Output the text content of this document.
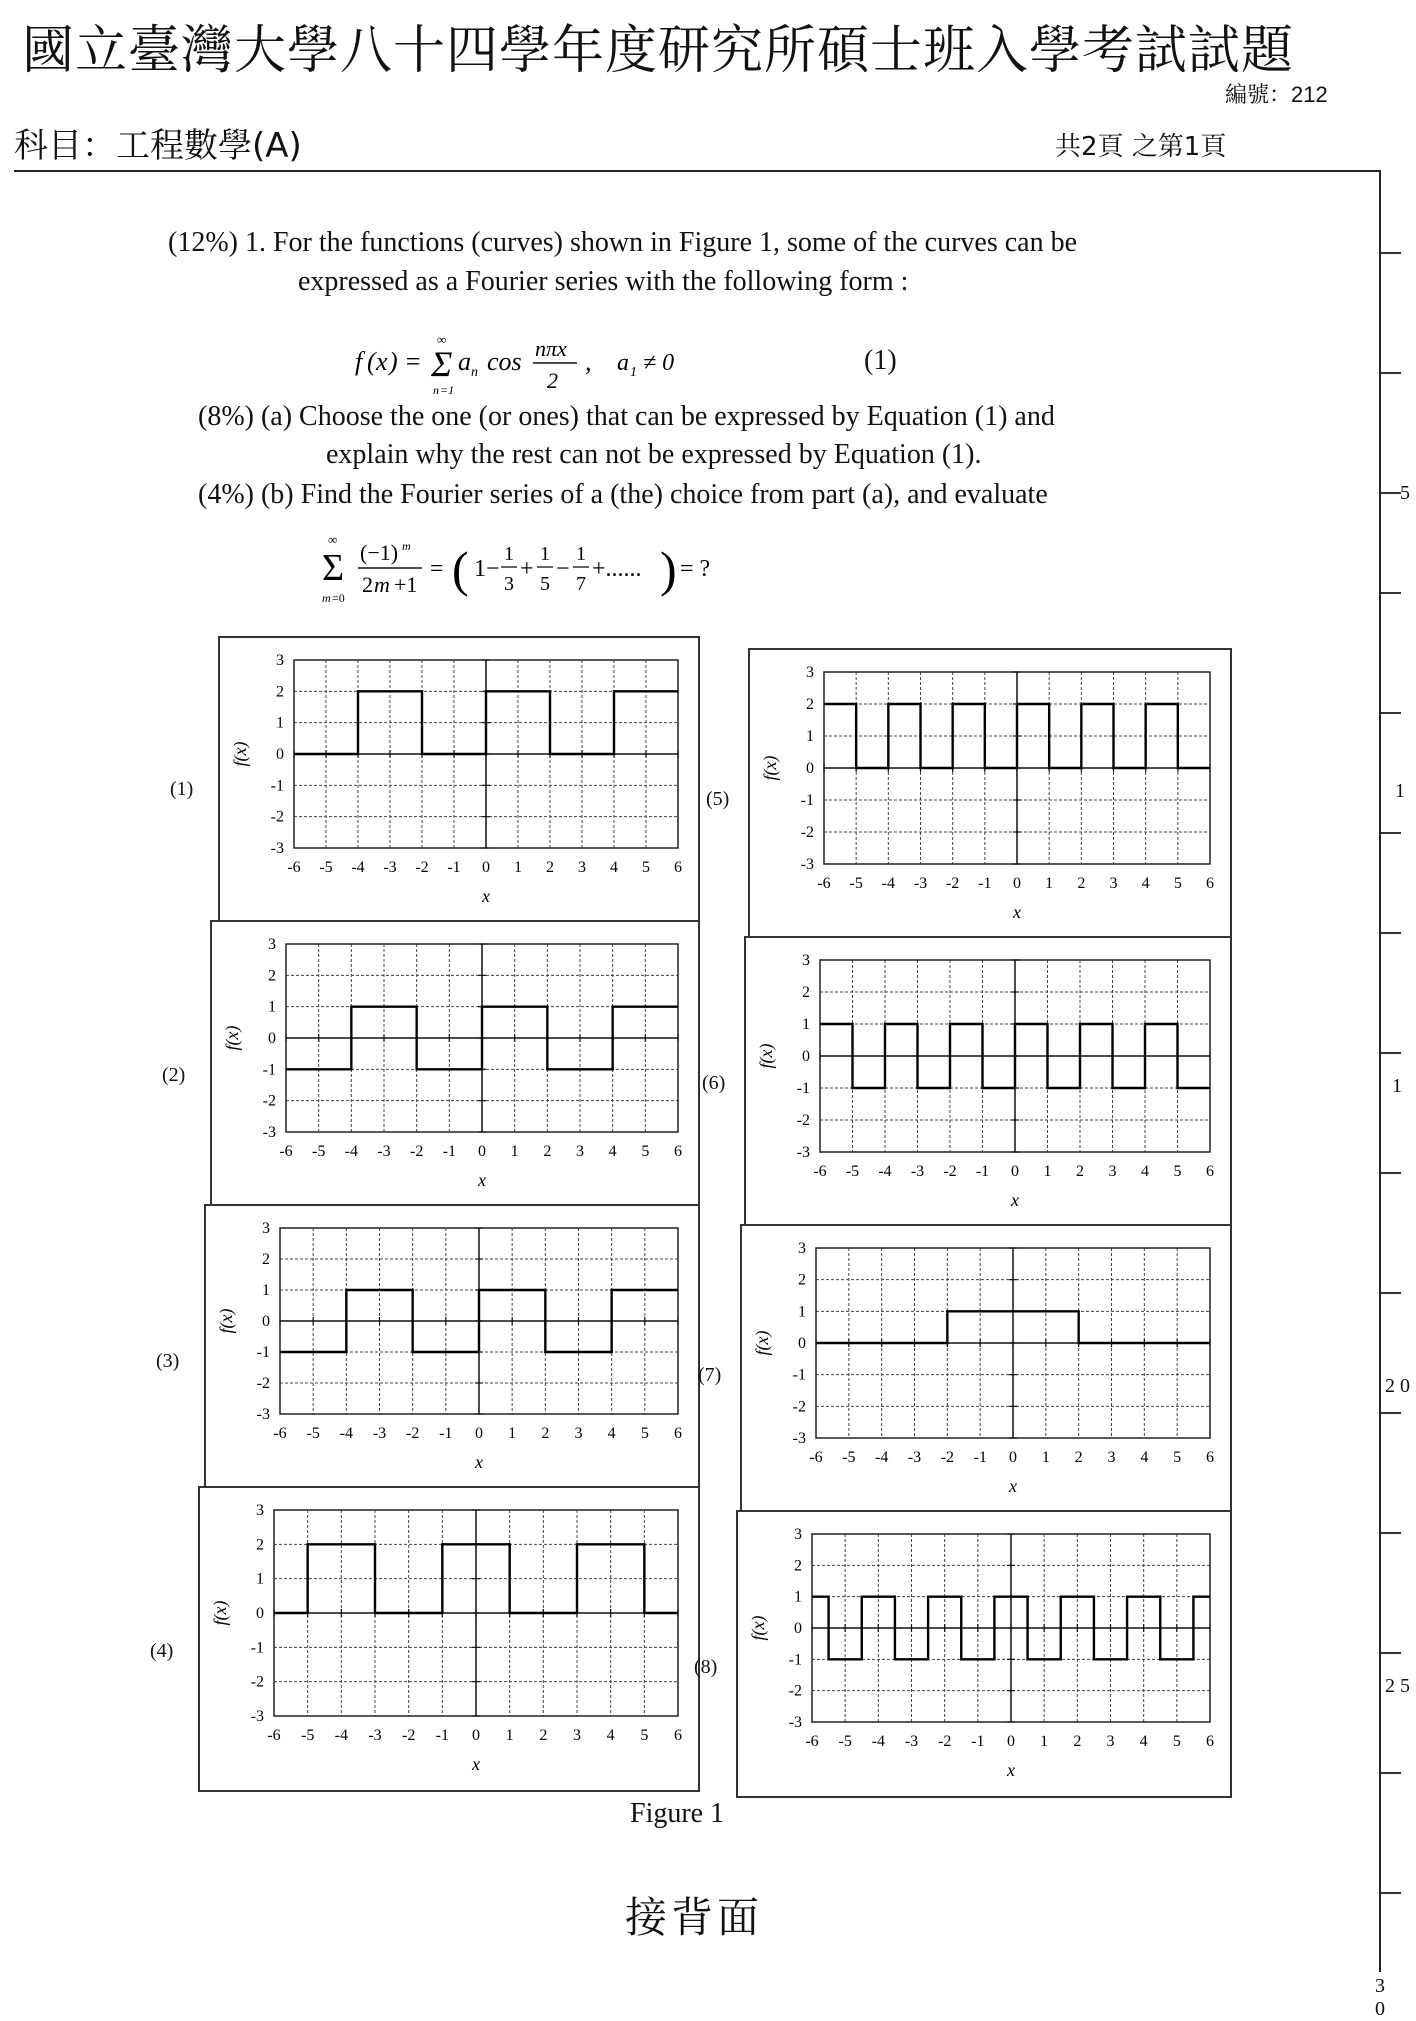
國立臺灣大學八十四學年度研究所碩士班入學考試試題
編號：212
科目：工程數學(A)	共2頁 之第1頁
5
1
1
2 0
2 5
(12%) 1. For the functions (curves) shown in Figure 1, some of the curves can be
expressed as a Fourier series with the following form :
f ( x ) = Σ
∞
n =1
a n cos nπx
2
, a 1 ≠ 0	(1)
(8%) (a) Choose the one (or ones) that can be expressed by Equation (1) and
explain why the rest can not be expressed by Equation (1).
(4%) (b) Find the Fourier series of a (the) choice from part (a), and evaluate
Σ
∞
m =0
(−1) m
2 m +1
= ( 1−
1
3
+
1
5
−
1
7
+...... ) = ?
-6 -5 -4 -3 -2 -1 0 1 2 3 4 5 6
3
2
1
0
-1
-2
-3
x
f(x)
-6 -5 -4 -3 -2 -1 0 1 2 3 4 5 6
3
2
1
0
-1
-2
-3
x
f(x)
-6 -5 -4 -3 -2 -1 0 1 2 3 4 5 6
3
2
1
0
-1
-2
-3
x
f(x)
-6 -5 -4 -3 -2 -1 0 1 2 3 4 5 6
3
2
1
0
-1
-2
-3
x
f(x)
-6 -5 -4 -3 -2 -1 0 1 2 3 4 5 6
3
2
1
0
-1
-2
-3
x
f(x)
-6 -5 -4 -3 -2 -1 0 1 2 3 4 5 6
3
2
1
0
-1
-2
-3
x
f(x)
-6 -5 -4 -3 -2 -1 0 1 2 3 4 5 6
3
2
1
0
-1
-2
-3
x
f(x)
-6 -5 -4 -3 -2 -1 0 1 2 3 4 5 6
3
2
1
0
-1
-2
-3
x
f(x)
(1)
(2)
(3)
(4)
(5)
(6)
(7)
(8)
Figure 1
接背面
3 0
